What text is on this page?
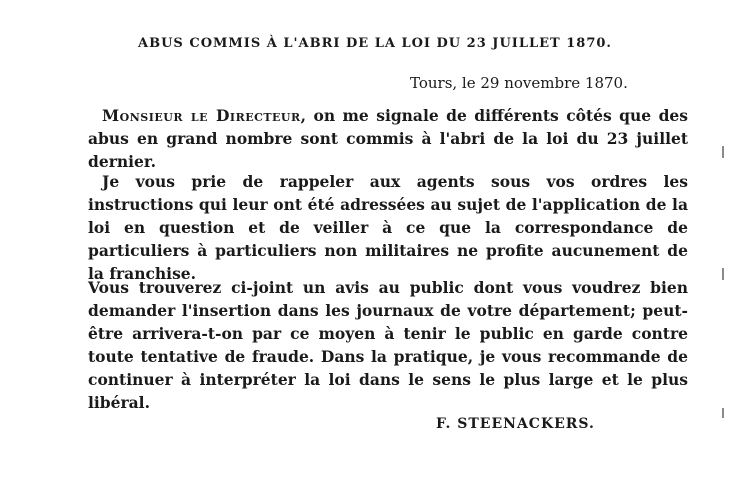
ABUS COMMIS À L'ABRI DE LA LOI DU 23 JUILLET 1870.
Tours, le 29 novembre 1870.
Monsieur le Directeur, on me signale de différents côtés que des abus en grand nombre sont commis à l'abri de la loi du 23 juillet dernier.
Je vous prie de rappeler aux agents sous vos ordres les instructions qui leur ont été adressées au sujet de l'application de la loi en question et de veiller à ce que la correspondance de particuliers à particuliers non militaires ne profite aucunement de la franchise.
Vous trouverez ci-joint un avis au public dont vous voudrez bien demander l'insertion dans les journaux de votre département; peut-être arrivera-t-on par ce moyen à tenir le public en garde contre toute tentative de fraude. Dans la pratique, je vous recommande de continuer à interpréter la loi dans le sens le plus large et le plus libéral.
F. STEENACKERS.
